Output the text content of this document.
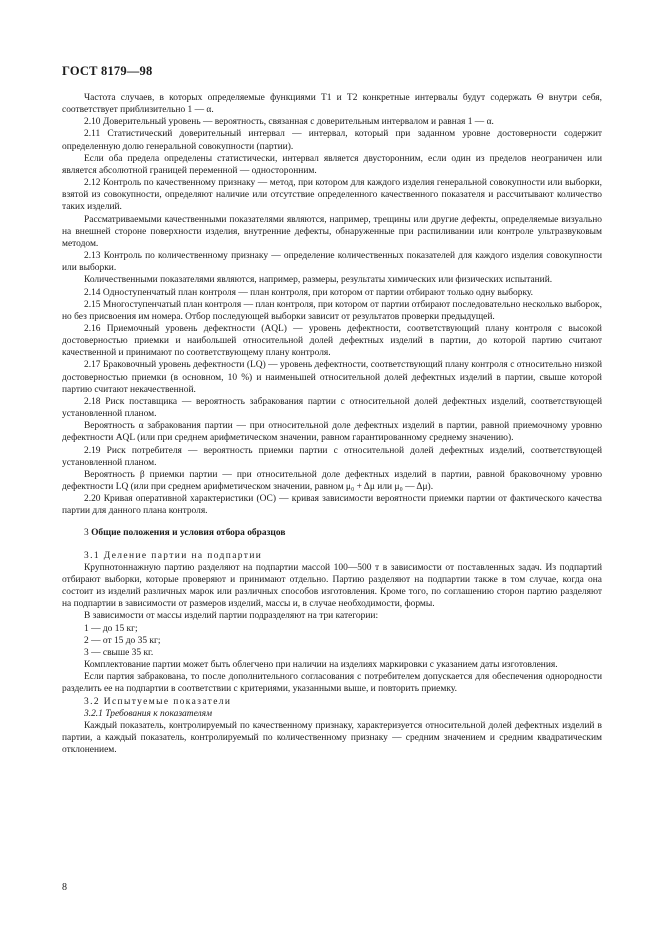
ГОСТ 8179—98

Частота случаев, в которых определяемые функциями T1 и T2 конкретные интервалы будут содержать Θ внутри себя, соответствует приблизительно 1 — α.

2.10 Доверительный уровень — вероятность, связанная с доверительным интервалом и равная 1 — α.

2.11 Статистический доверительный интервал — интервал, который при заданном уровне достоверности содержит определенную долю генеральной совокупности (партии).

Если оба предела определены статистически, интервал является двусторонним, если один из пределов неограничен или является абсолютной границей переменной — односторонним.

2.12 Контроль по качественному признаку — метод, при котором для каждого изделия генеральной совокупности или выборки, взятой из совокупности, определяют наличие или отсутствие определенного качественного показателя и рассчитывают количество таких изделий.

Рассматриваемыми качественными показателями являются, например, трещины или другие дефекты, определяемые визуально на внешней стороне поверхности изделия, внутренние дефекты, обнаруженные при распиливании или контроле ультразвуковым методом.

2.13 Контроль по количественному признаку — определение количественных показателей для каждого изделия совокупности или выборки.

Количественными показателями являются, например, размеры, результаты химических или физических испытаний.

2.14 Одноступенчатый план контроля — план контроля, при котором от партии отбирают только одну выборку.

2.15 Многоступенчатый план контроля — план контроля, при котором от партии отбирают последовательно несколько выборок, но без присвоения им номера. Отбор последующей выборки зависит от результатов проверки предыдущей.

2.16 Приемочный уровень дефектности (AQL) — уровень дефектности, соответствующий плану контроля с высокой достоверностью приемки и наибольшей относительной долей дефектных изделий в партии, до которой партию считают качественной и принимают по соответствующему плану контроля.

2.17 Браковочный уровень дефектности (LQ) — уровень дефектности, соответствующий плану контроля с относительно низкой достоверностью приемки (в основном, 10 %) и наименьшей относительной долей дефектных изделий в партии, свыше которой партию считают некачественной.

2.18 Риск поставщика — вероятность забракования партии с относительной долей дефектных изделий, соответствующей установленной планом.

Вероятность α забракования партии — при относительной доле дефектных изделий в партии, равной приемочному уровню дефектности AQL (или при среднем арифметическом значении, равном гарантированному среднему значению).

2.19 Риск потребителя — вероятность приемки партии с относительной долей дефектных изделий, соответствующей установленной планом.

Вероятность β приемки партии — при относительной доле дефектных изделий в партии, равной браковочному уровню дефектности LQ (или при среднем арифметическом значении, равном μ₀ + Δμ или μ₀ — Δμ).

2.20 Кривая оперативной характеристики (ОС) — кривая зависимости вероятности приемки партии от фактического качества партии для данного плана контроля.

3 Общие положения и условия отбора образцов

3.1 Деление партии на подпартии

Крупнотоннажную партию разделяют на подпартии массой 100—500 т в зависимости от поставленных задач. Из подпартий отбирают выборки, которые проверяют и принимают отдельно. Партию разделяют на подпартии также в том случае, когда она состоит из изделий различных марок или различных способов изготовления. Кроме того, по соглашению сторон партию разделяют на подпартии в зависимости от размеров изделий, массы и, в случае необходимости, формы.

В зависимости от массы изделий партии подразделяют на три категории:

1 — до 15 кг;

2 — от 15 до 35 кг;

3 — свыше 35 кг.

Комплектование партии может быть облегчено при наличии на изделиях маркировки с указанием даты изготовления.

Если партия забракована, то после дополнительного согласования с потребителем допускается для обеспечения однородности разделить ее на подпартии в соответствии с критериями, указанными выше, и повторить приемку.

3.2 Испытуемые показатели

3.2.1 Требования к показателям

Каждый показатель, контролируемый по качественному признаку, характеризуется относительной долей дефектных изделий в партии, а каждый показатель, контролируемый по количественному признаку — средним значением и средним квадратическим отклонением.

8
